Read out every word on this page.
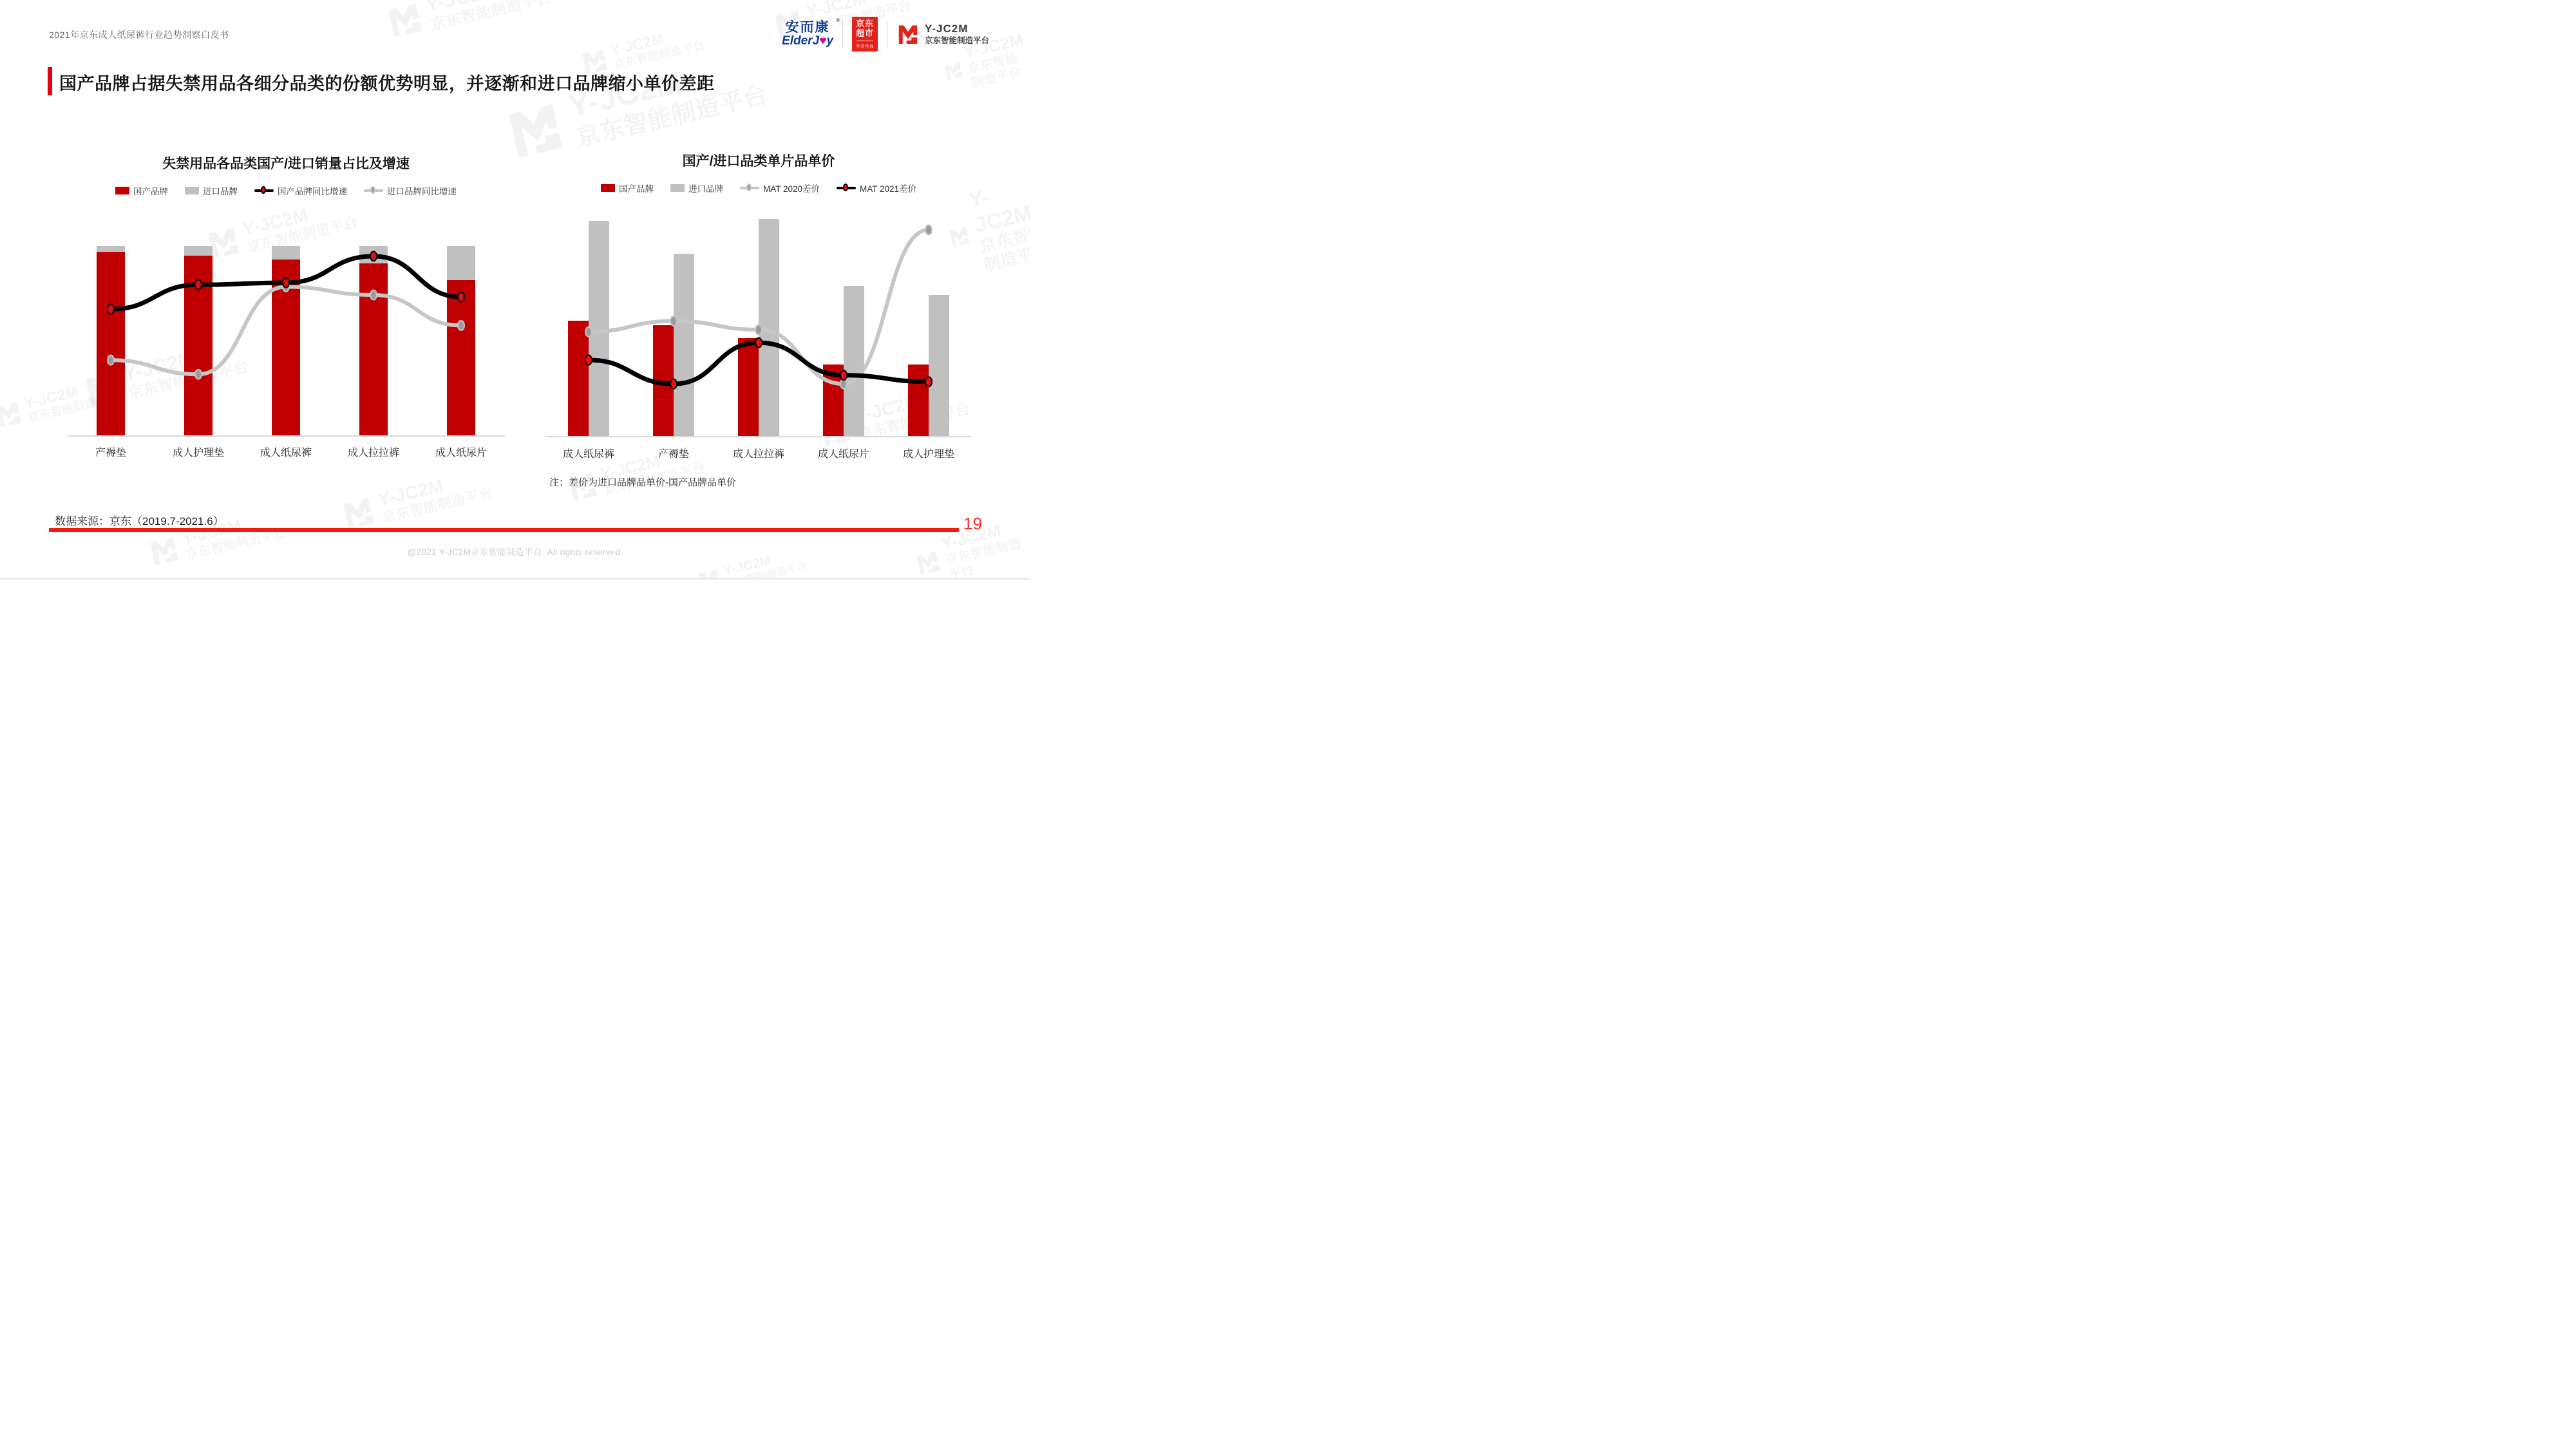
2021年京东成人纸尿裤行业趋势洞察白皮书	安而康 ®
ElderJ♥y
京东
超市
至省至真
Y-JC2M
京东智能制造平台
国产品牌占据失禁用品各细分品类的份额优势明显，并逐渐和进口品牌缩小单价差距
失禁用品各品类国产/进口销量占比及增速
国产品牌	进口品牌	国产品牌同比增速	进口品牌同比增速
产褥垫	成人护理垫	成人纸尿裤	成人拉拉裤	成人纸尿片
国产/进口品类单片品单价
国产品牌	进口品牌	MAT 2020差价	MAT 2021差价
成人纸尿裤	产褥垫	成人拉拉裤	成人纸尿片	成人护理垫
注：差价为进口品牌品单价-国产品牌品单价
数据来源：京东（2019.7-2021.6）	19
@2021 Y-JC2M京东智能制造平台. All rights reserved.
